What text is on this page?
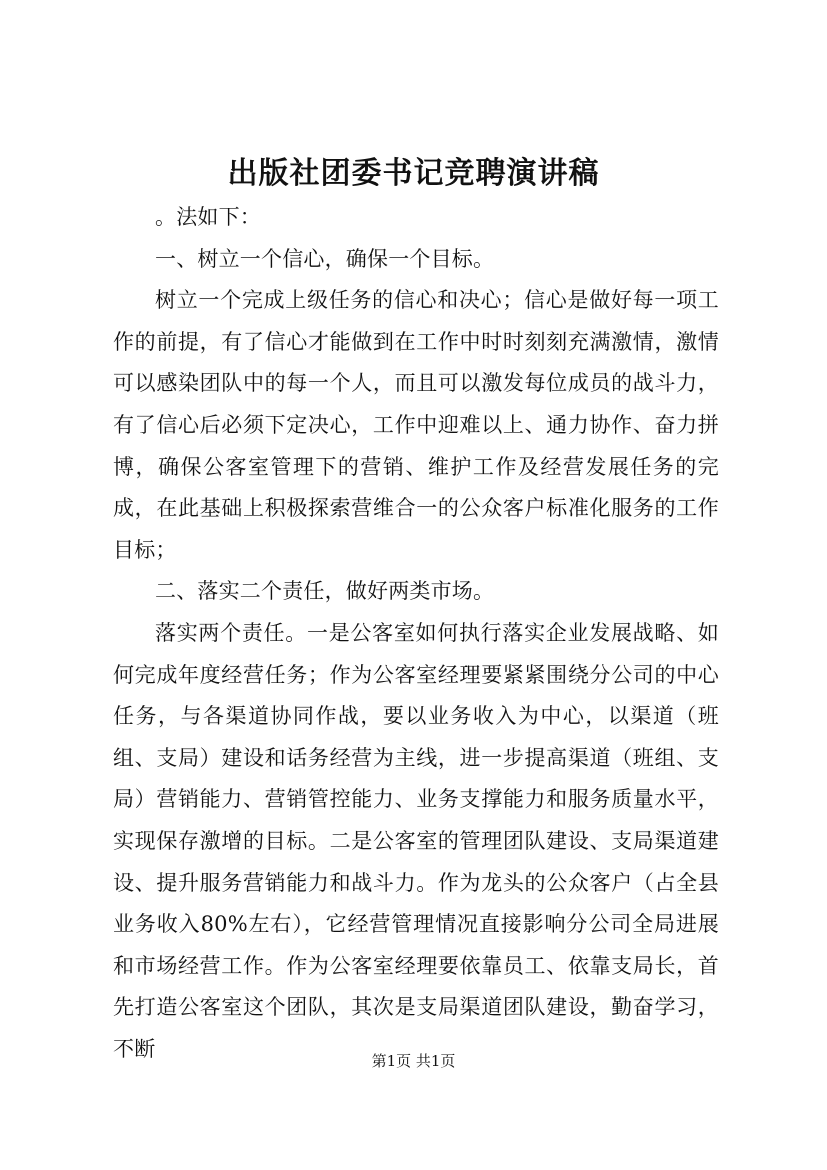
出版社团委书记竞聘演讲稿

。法如下：

一、树立一个信心，确保一个目标。

树立一个完成上级任务的信心和决心；信心是做好每一项工作的前提，有了信心才能做到在工作中时时刻刻充满激情，激情可以感染团队中的每一个人，而且可以激发每位成员的战斗力，有了信心后必须下定决心，工作中迎难以上、通力协作、奋力拼博，确保公客室管理下的营销、维护工作及经营发展任务的完成，在此基础上积极探索营维合一的公众客户标准化服务的工作目标；

二、落实二个责任，做好两类市场。

落实两个责任。一是公客室如何执行落实企业发展战略、如何完成年度经营任务；作为公客室经理要紧紧围绕分公司的中心任务，与各渠道协同作战，要以业务收入为中心，以渠道（班组、支局）建设和话务经营为主线，进一步提高渠道（班组、支局）营销能力、营销管控能力、业务支撑能力和服务质量水平，实现保存激增的目标。二是公客室的管理团队建设、支局渠道建设、提升服务营销能力和战斗力。作为龙头的公众客户（占全县业务收入80%左右），它经营管理情况直接影响分公司全局进展和市场经营工作。作为公客室经理要依靠员工、依靠支局长，首先打造公客室这个团队，其次是支局渠道团队建设，勤奋学习，不断

第1页 共1页
